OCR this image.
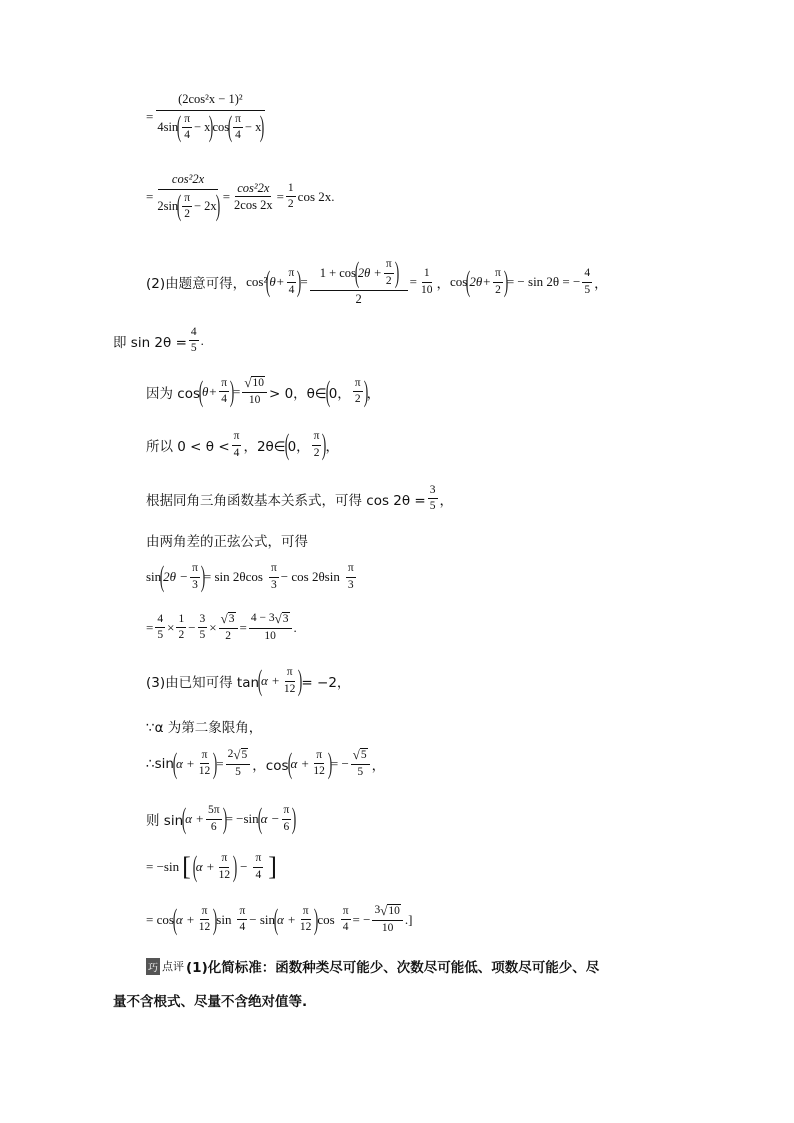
=
(2cos²x − 1)²
4sin
( $\frac{\pi}{4} - x$
)
cos
( $\frac{\pi}{4} - x$
)
= cos²2x
2sin
( $\frac{\pi}{2} - 2x$
) = $\frac{\text{cos²2x}}{2\cos 2x} = \frac{1}{2}$ cos 2x.
(2)由题意可得， cos²
(
$\theta+ \frac{\pi}{4}$ )
= 1 + cos
(
$2\theta + \frac{\pi}{2}$ )
$2 = \frac{1}{10}$ ， cos
(
$2\theta+ \frac{\pi}{2}$ )
= − sin 2θ = − $\frac{4}{5}$ ，
即 $\sin 2\theta = \frac{4}{5}$ .
因为 cos
(
$\theta+ \frac{\pi}{4}$ )
= $\frac{√ 10}{10} > 0$，θ∈
(
0， $\frac{\pi}{2}$ )
，
所以 $0 < \theta < \frac{\pi}{4}$ ，2θ∈
(
0， $\frac{\pi}{2}$ )
，
根据同角三角函数基本关系式，可得 $\cos 2\theta = \frac{3}{5}$ ，
由两角差的正弦公式，可得
sin
(
$2\theta - \frac{\pi}{3}$ )
= $\sin 2\theta\cos \frac{\pi}{3} - \cos 2\theta\sin \frac{\pi}{3}$
= $\frac{4}{5} \times \frac{1}{2} - \frac{3}{5} \times \frac{√ 3}{2} = \frac{4 - 3 √ 3}{10}$ .
(3)由已知可得 tan
(
$\alpha + \frac{\pi}{12}$ )
= −2，
∵α 为第二象限角，
∴sin
(
$\alpha + \frac{\pi}{12}$ )
= $\frac{2 √ 5}{5}$ ，cos
(
$\alpha + \frac{\pi}{12}$ )
= − $\frac{√ 5}{5}$ ，
则 sin
(
$\alpha + \frac{5\pi}{6}$ )
= −sin
(
$\alpha - \frac{\pi}{6}$ )
= −sin [ (
$\alpha + \frac{\pi}{12}$ ) − $\frac{\pi}{4}$ ]
= cos
(
$\alpha + \frac{\pi}{12}$ )
$\sin \frac{\pi}{4} - \sin$
(
$\alpha + \frac{\pi}{12}$ )
$\cos \frac{\pi}{4}$ = − $\frac{3 √ 10}{10}$ .]
巧 点评 (1)化简标准：函数种类尽可能少、次数尽可能低、项数尽可能少、尽
量不含根式、尽量不含绝对值等.
